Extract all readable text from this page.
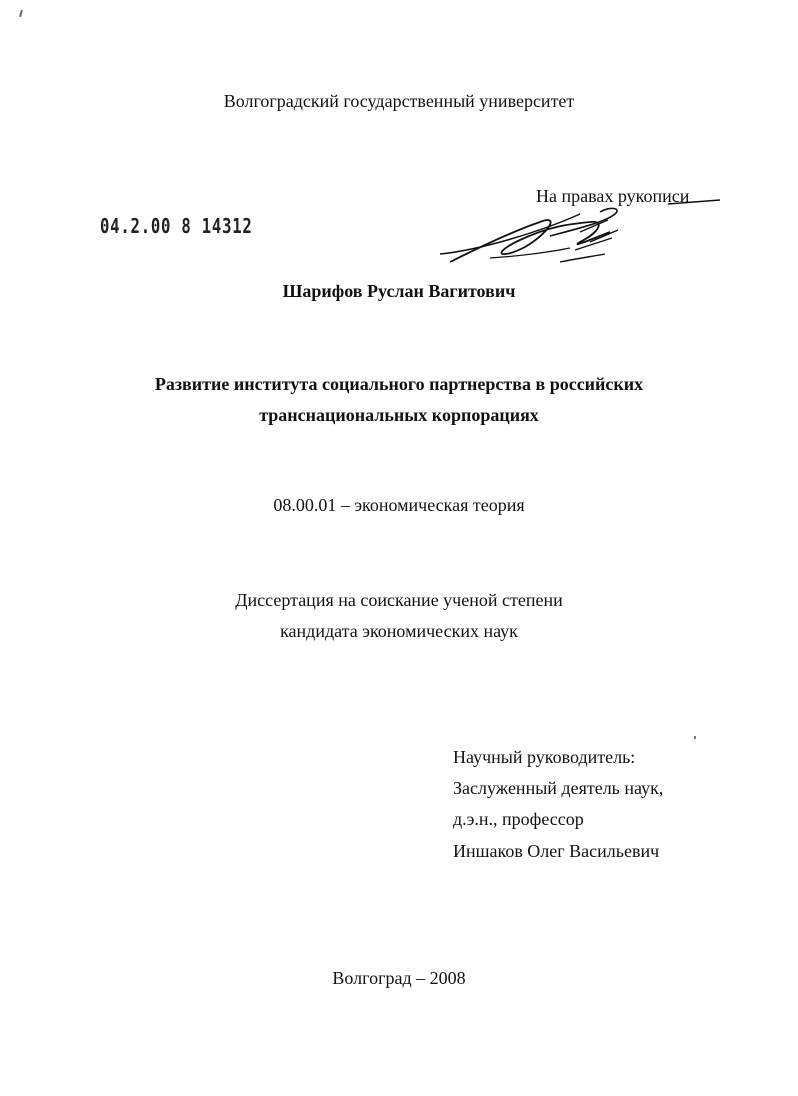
Волгоградский государственный университет
На правах рукописи
04.2.00 8 14312
Шарифов Руслан Вагитович
Развитие института социального партнерства в российских
транснациональных корпорациях
08.00.01 – экономическая теория
Диссертация на соискание ученой степени
кандидата экономических наук
Научный руководитель:
Заслуженный деятель наук,
д.э.н., профессор
Иншаков Олег Васильевич
Волгоград – 2008
